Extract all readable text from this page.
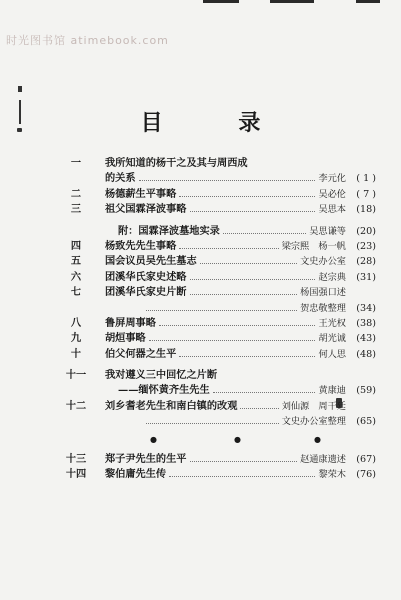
时光图书馆 atimebook.com
目 录
一	我所知道的杨干之及其与周西成
的关系	李元化 ( 1 )
二	杨德薪生平事略	吴必伦 ( 7 )
三	祖父国霖泽波事略	吴思本 (18)
附：国霖泽波墓地实录	吴思谦等 (20)
四	杨致先先生事略	梁宗熙　杨一帆 (23)
五	国会议员吴先生墓志	文史办公室 (28)
六	团溪华氏家史述略	赵宗典 (31)
七	团溪华氏家史片断	杨国强口述
贺忠敬整理 (34)
八	鲁屏周事略	王光权 (38)
九	胡烜事略	胡光诚 (43)
十	伯父何器之生平	何人思 (48)
十一	我对遵义三中回忆之片断
——缅怀黄齐生先生	黄康迪 (59)
十二	刘乡耆老先生和南白镇的改观	刘仙源　周干廷
文史办公室整理 (65)
●	●	●
十三	郑子尹先生的生平	赵通康遗述 (67)
十四	黎伯庸先生传	黎荣木 (76)
